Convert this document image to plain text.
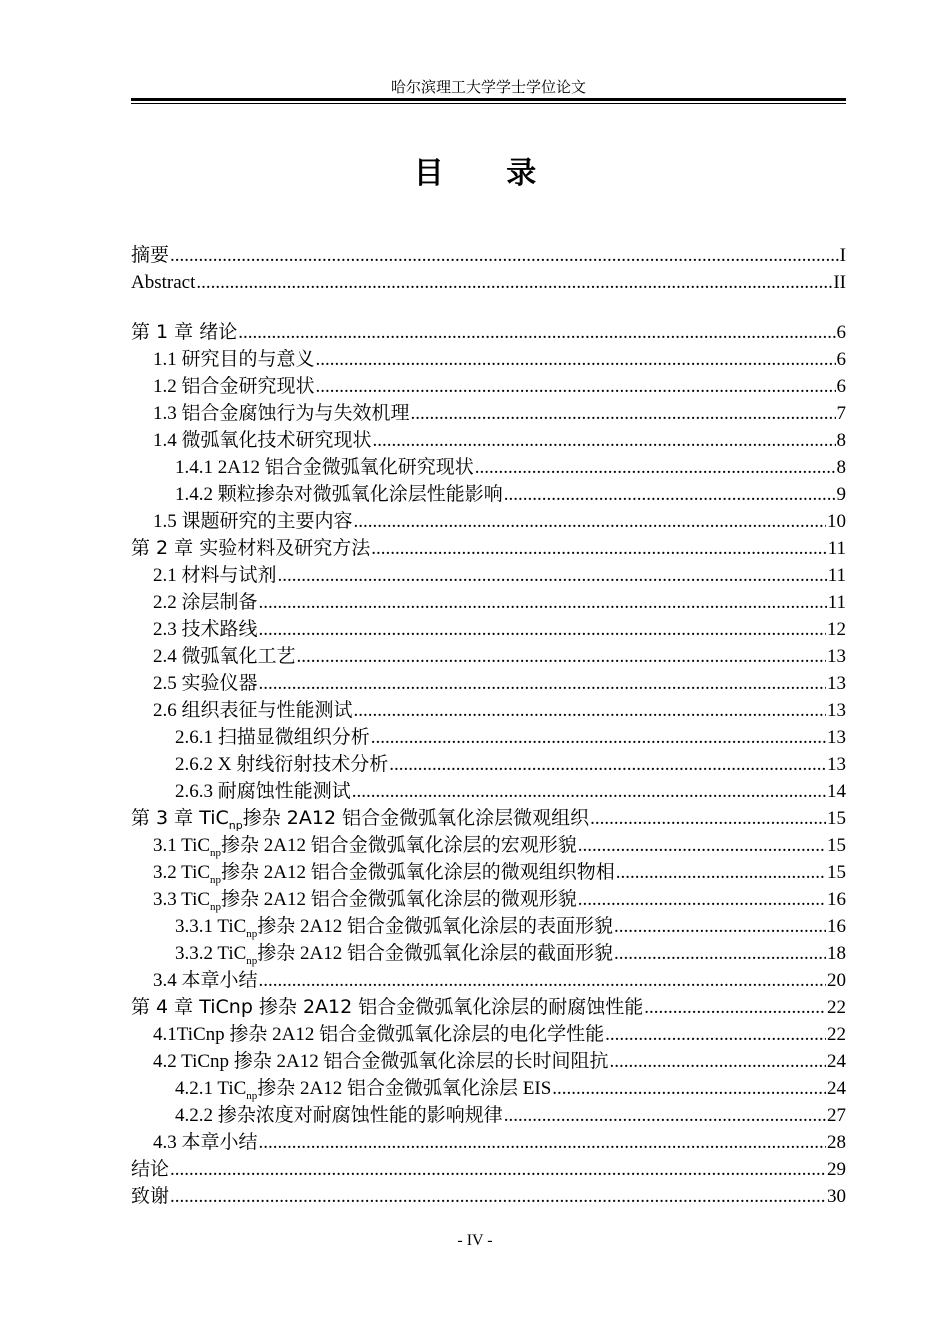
哈尔滨理工大学学士学位论文
目 录
摘要 .....	I
Abstract .....	II
第 1 章 绪论 .....	6
1.1 研究目的与意义 .....	6
1.2 铝合金研究现状 .....	6
1.3 铝合金腐蚀行为与失效机理 .....	7
1.4 微弧氧化技术研究现状 .....	8
1.4.1 2A12 铝合金微弧氧化研究现状 .....	8
1.4.2 颗粒掺杂对微弧氧化涂层性能影响 .....	9
1.5 课题研究的主要内容 .....	10
第 2 章 实验材料及研究方法 .....	11
2.1 材料与试剂 .....	11
2.2 涂层制备 .....	11
2.3 技术路线 .....	12
2.4 微弧氧化工艺 .....	13
2.5 实验仪器 .....	13
2.6 组织表征与性能测试 .....	13
2.6.1 扫描显微组织分析 .....	13
2.6.2 X 射线衍射技术分析 .....	13
2.6.3 耐腐蚀性能测试 .....	14
第 3 章 TiC$_{np}$掺杂 2A12 铝合金微弧氧化涂层微观组织 .....	15
3.1 TiC$_{np}$掺杂 2A12 铝合金微弧氧化涂层的宏观形貌 .....	15
3.2 TiC$_{np}$掺杂 2A12 铝合金微弧氧化涂层的微观组织物相 .....	15
3.3 TiC$_{np}$掺杂 2A12 铝合金微弧氧化涂层的微观形貌 .....	16
3.3.1 TiC$_{np}$掺杂 2A12 铝合金微弧氧化涂层的表面形貌 .....	16
3.3.2 TiC$_{np}$掺杂 2A12 铝合金微弧氧化涂层的截面形貌 .....	18
3.4 本章小结 .....	20
第 4 章 TiCnp 掺杂 2A12 铝合金微弧氧化涂层的耐腐蚀性能 .....	22
4.1TiCnp 掺杂 2A12 铝合金微弧氧化涂层的电化学性能 .....	22
4.2 TiCnp 掺杂 2A12 铝合金微弧氧化涂层的长时间阻抗 .....	24
4.2.1 TiC$_{np}$掺杂 2A12 铝合金微弧氧化涂层 EIS .....	24
4.2.2 掺杂浓度对耐腐蚀性能的影响规律 .....	27
4.3 本章小结 .....	28
结论 .....	29
致谢 .....	30
- IV -
